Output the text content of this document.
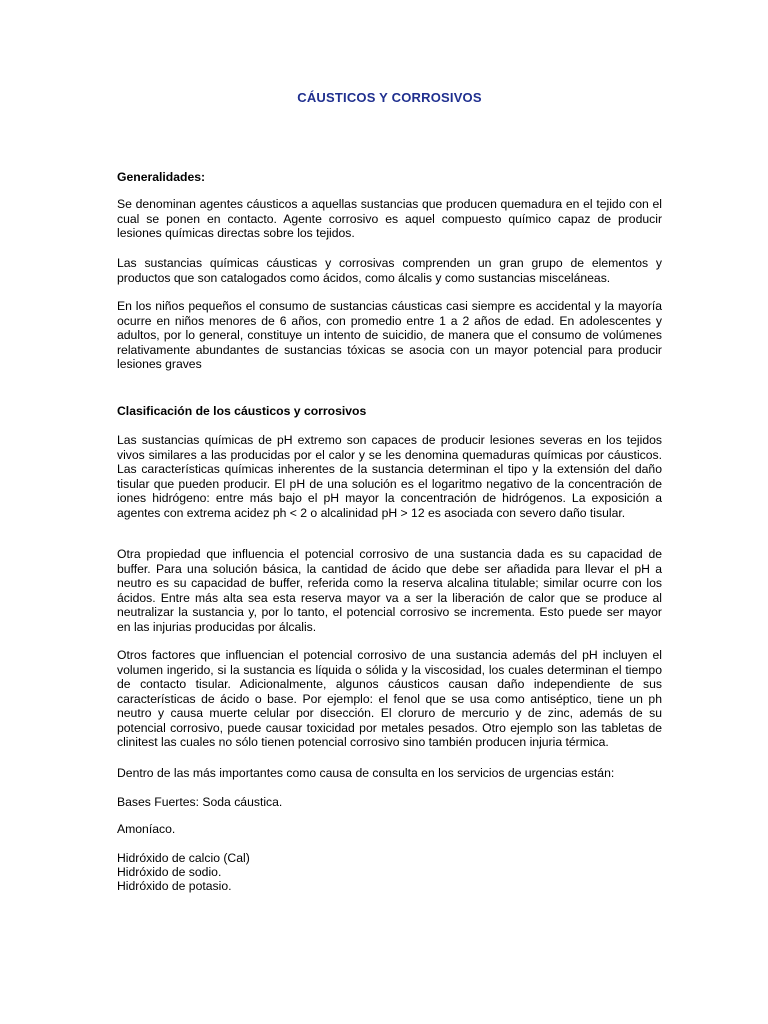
CÁUSTICOS Y CORROSIVOS
Generalidades:
Se denominan agentes cáusticos a aquellas sustancias que producen quemadura en el tejido con el cual se ponen en contacto. Agente corrosivo es aquel compuesto químico capaz de producir lesiones químicas directas sobre los tejidos.
Las sustancias químicas cáusticas y corrosivas comprenden un gran grupo de elementos y productos que son catalogados como ácidos, como álcalis y como sustancias misceláneas.
En los niños pequeños el consumo de sustancias cáusticas casi siempre es accidental y la mayoría ocurre en niños menores de 6 años, con promedio entre 1 a 2 años de edad. En adolescentes y adultos, por lo general, constituye un intento de suicidio, de manera que el consumo de volúmenes relativamente abundantes de sustancias tóxicas se asocia con un mayor potencial para producir lesiones graves
Clasificación de los cáusticos y corrosivos
Las sustancias químicas de pH extremo son capaces de producir lesiones severas en los tejidos vivos similares a las producidas por el calor y se les denomina quemaduras químicas por cáusticos. Las características químicas inherentes de la sustancia determinan el tipo y la extensión del daño tisular que pueden producir. El pH de una solución es el logaritmo negativo de la concentración de iones hidrógeno: entre más bajo el pH mayor la concentración de hidrógenos. La exposición a agentes con extrema acidez ph < 2 o alcalinidad pH > 12 es asociada con severo daño tisular.
Otra propiedad que influencia el potencial corrosivo de una sustancia dada es su capacidad de buffer. Para una solución básica, la cantidad de ácido que debe ser añadida para llevar el pH a neutro es su capacidad de buffer, referida como la reserva alcalina titulable; similar ocurre con los ácidos. Entre más alta sea esta reserva mayor va a ser la liberación de calor que se produce al neutralizar la sustancia y, por lo tanto, el potencial corrosivo se incrementa. Esto puede ser mayor en las injurias producidas por álcalis.
Otros factores que influencian el potencial corrosivo de una sustancia además del pH incluyen el volumen ingerido, si la sustancia es líquida o sólida y la viscosidad, los cuales determinan el tiempo de contacto tisular. Adicionalmente, algunos cáusticos causan daño independiente de sus características de ácido o base. Por ejemplo: el fenol que se usa como antiséptico, tiene un ph neutro y causa muerte celular por disección. El cloruro de mercurio y de zinc, además de su potencial corrosivo, puede causar toxicidad por metales pesados. Otro ejemplo son las tabletas de clinitest las cuales no sólo tienen potencial corrosivo sino también producen injuria térmica.
Dentro de las más importantes como causa de consulta en los servicios de urgencias están:
Bases Fuertes: Soda cáustica.
Amoníaco.
Hidróxido de calcio (Cal)
Hidróxido de sodio.
Hidróxido de potasio.
